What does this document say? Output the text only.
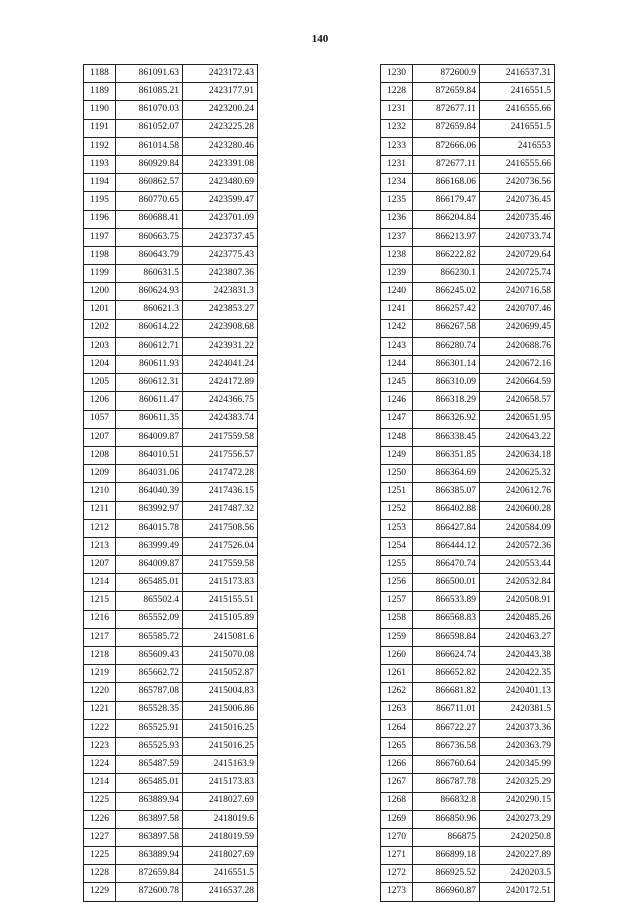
140
1188	861091.63	2423172.43
1189	861085.21	2423177.91
1190	861070.03	2423200.24
1191	861052.07	2423225.28
1192	861014.58	2423280.46
1193	860929.84	2423391.08
1194	860862.57	2423480.69
1195	860770.65	2423599.47
1196	860688.41	2423701.09
1197	860663.75	2423737.45
1198	860643.79	2423775.43
1199	860631.5	2423807.36
1200	860624.93	2423831.3
1201	860621.3	2423853.27
1202	860614.22	2423908.68
1203	860612.71	2423931.22
1204	860611.93	2424041.24
1205	860612.31	2424172.89
1206	860611.47	2424366.75
1057	860611.35	2424383.74
1207	864009.87	2417559.58
1208	864010.51	2417556.57
1209	864031.06	2417472.28
1210	864040.39	2417436.15
1211	863992.97	2417487.32
1212	864015.78	2417508.56
1213	863999.49	2417526.04
1207	864009.87	2417559.58
1214	865485.01	2415173.83
1215	865502.4	2415155.51
1216	865552.09	2415105.89
1217	865585.72	2415081.6
1218	865609.43	2415070.08
1219	865662.72	2415052.87
1220	865787.08	2415004.83
1221	865528.35	2415006.86
1222	865525.91	2415016.25
1223	865525.93	2415016.25
1224	865487.59	2415163.9
1214	865485.01	2415173.83
1225	863889.94	2418027.69
1226	863897.58	2418019.6
1227	863897.58	2418019.59
1225	863889.94	2418027.69
1228	872659.84	2416551.5
1229	872600.78	2416537.28
1230	872600.9	2416537.31
1228	872659.84	2416551.5
1231	872677.11	2416555.66
1232	872659.84	2416551.5
1233	872666.06	2416553
1231	872677.11	2416555.66
1234	866168.06	2420736.56
1235	866179.47	2420736.45
1236	866204.84	2420735.46
1237	866213.97	2420733.74
1238	866222.82	2420729.64
1239	866230.1	2420725.74
1240	866245.02	2420716.58
1241	866257.42	2420707.46
1242	866267.58	2420699.45
1243	866280.74	2420688.76
1244	866301.14	2420672.16
1245	866310.09	2420664.59
1246	866318.29	2420658.57
1247	866326.92	2420651.95
1248	866338.45	2420643.22
1249	866351.85	2420634.18
1250	866364.69	2420625.32
1251	866385.07	2420612.76
1252	866402.88	2420600.28
1253	866427.84	2420584.09
1254	866444.12	2420572.36
1255	866470.74	2420553.44
1256	866500.01	2420532.84
1257	866533.89	2420508.91
1258	866568.83	2420485.26
1259	866598.84	2420463.27
1260	866624.74	2420443.38
1261	866652.82	2420422.35
1262	866681.82	2420401.13
1263	866711.01	2420381.5
1264	866722.27	2420373.36
1265	866736.58	2420363.79
1266	866760.64	2420345.99
1267	866787.78	2420325.29
1268	866832.8	2420290.15
1269	866850.96	2420273.29
1270	866875	2420250.8
1271	866899.18	2420227.89
1272	866925.52	2420203.5
1273	866960.87	2420172.51
